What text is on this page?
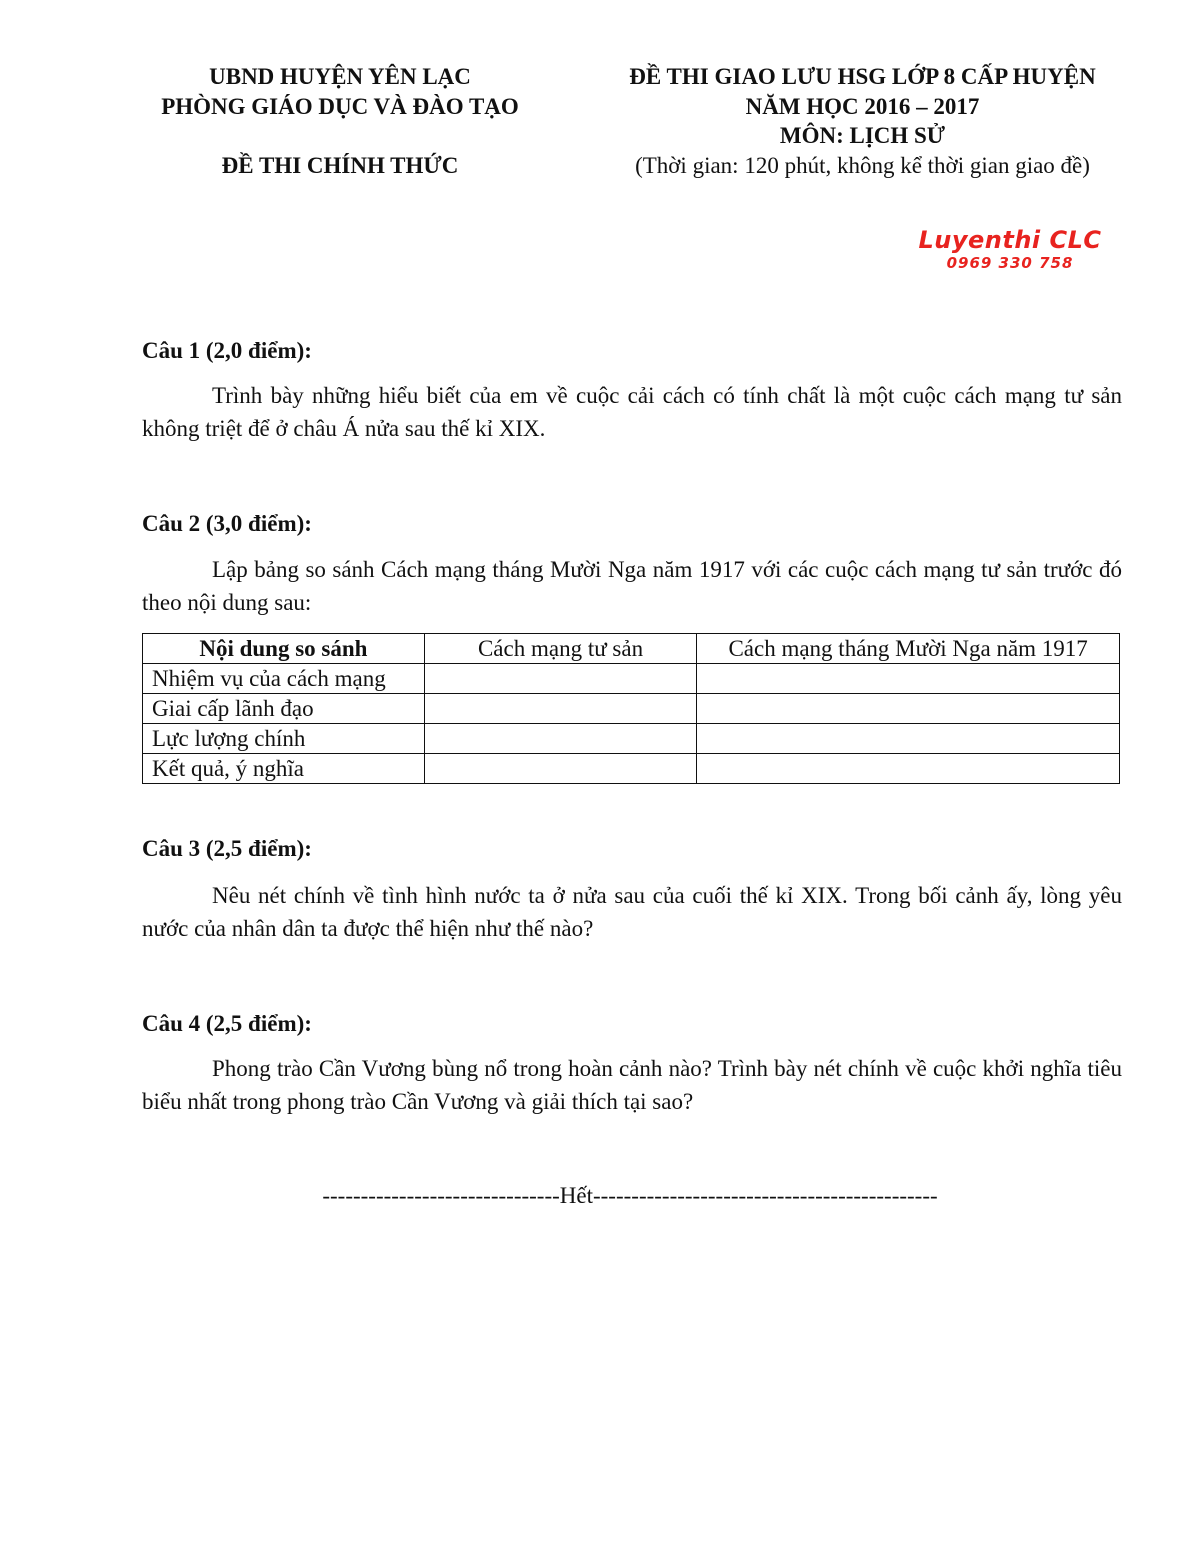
UBND HUYỆN YÊN LẠC
PHÒNG GIÁO DỤC VÀ ĐÀO TẠO
ĐỀ THI CHÍNH THỨC
ĐỀ THI GIAO LƯU HSG LỚP 8 CẤP HUYỆN
NĂM HỌC 2016 – 2017
MÔN: LỊCH SỬ
(Thời gian: 120 phút, không kể thời gian giao đề)
Luyenthi CLC
0969 330 758
Câu 1 (2,0 điểm):

Trình bày những hiểu biết của em về cuộc cải cách có tính chất là một cuộc cách mạng tư sản không triệt để ở châu Á nửa sau thế kỉ XIX.

Câu 2 (3,0 điểm):

Lập bảng so sánh Cách mạng tháng Mười Nga năm 1917 với các cuộc cách mạng tư sản trước đó theo nội dung sau:

Nội dung so sánh	Cách mạng tư sản	Cách mạng tháng Mười Nga năm 1917
Nhiệm vụ của cách mạng		
Giai cấp lãnh đạo		
Lực lượng chính		
Kết quả, ý nghĩa		
Câu 3 (2,5 điểm):

Nêu nét chính về tình hình nước ta ở nửa sau của cuối thế kỉ XIX. Trong bối cảnh ấy, lòng yêu nước của nhân dân ta được thể hiện như thế nào?

Câu 4 (2,5 điểm):

Phong trào Cần Vương bùng nổ trong hoàn cảnh nào? Trình bày nét chính về cuộc khởi nghĩa tiêu biểu nhất trong phong trào Cần Vương và giải thích tại sao?

-------------------------------Hết---------------------------------------------
